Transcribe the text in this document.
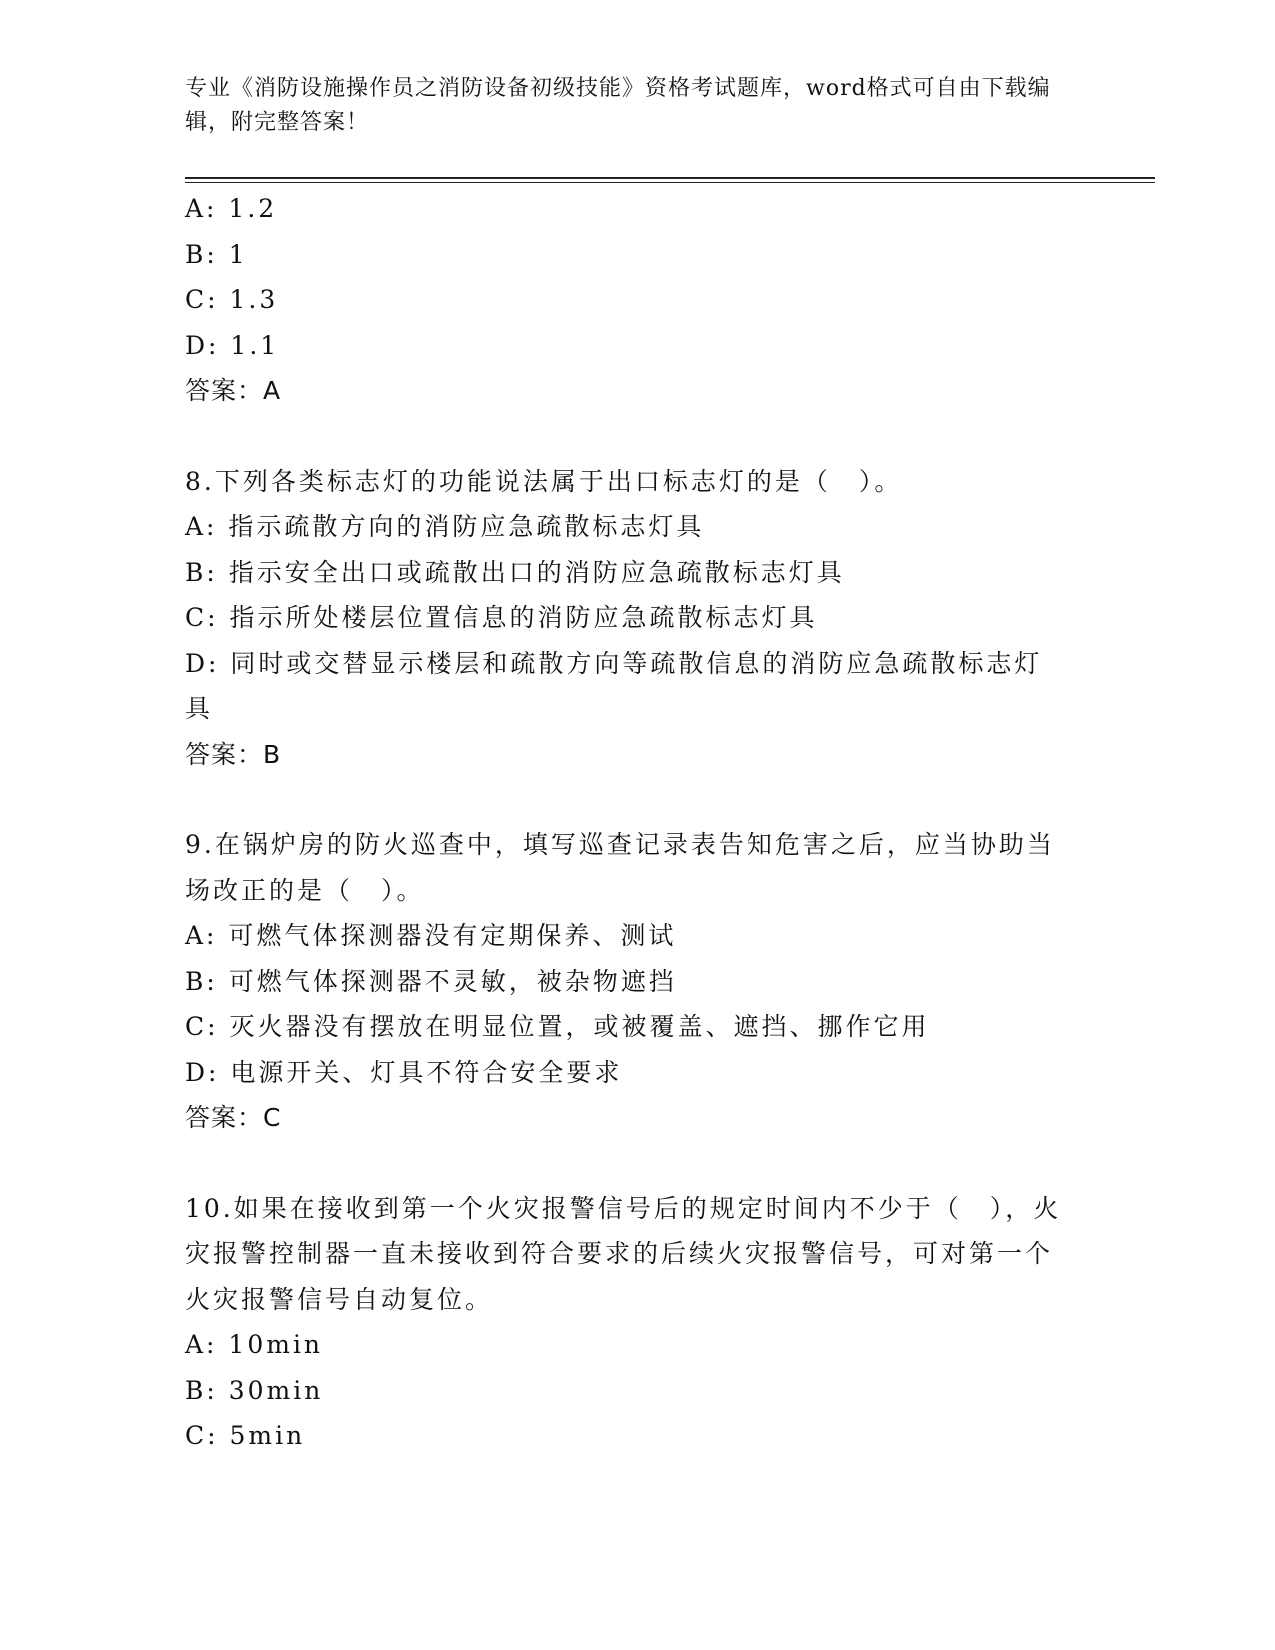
专业《消防设施操作员之消防设备初级技能》资格考试题库，word格式可自由下载编辑，附完整答案！
A: 1.2
B: 1
C: 1.3
D: 1.1
答案：A
8.下列各类标志灯的功能说法属于出口标志灯的是（　）。
A: 指示疏散方向的消防应急疏散标志灯具
B: 指示安全出口或疏散出口的消防应急疏散标志灯具
C: 指示所处楼层位置信息的消防应急疏散标志灯具
D: 同时或交替显示楼层和疏散方向等疏散信息的消防应急疏散标志灯具
答案：B
9.在锅炉房的防火巡查中，填写巡查记录表告知危害之后，应当协助当场改正的是（　）。
A: 可燃气体探测器没有定期保养、测试
B: 可燃气体探测器不灵敏，被杂物遮挡
C: 灭火器没有摆放在明显位置，或被覆盖、遮挡、挪作它用
D: 电源开关、灯具不符合安全要求
答案：C
10.如果在接收到第一个火灾报警信号后的规定时间内不少于（　），火灾报警控制器一直未接收到符合要求的后续火灾报警信号，可对第一个火灾报警信号自动复位。
A: 10min
B: 30min
C: 5min
